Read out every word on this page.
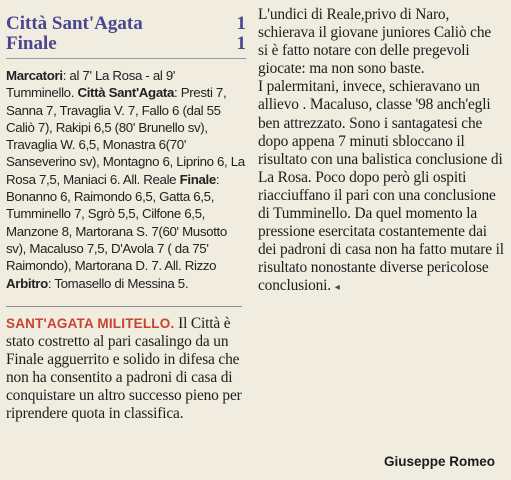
Città Sant'Agata	1
Finale	1
Marcatori: al 7' La Rosa - al 9' Tumminello. Città Sant'Agata: Presti 7, Sanna 7, Travaglia V. 7, Fallo 6 (dal 55 Caliò 7), Rakipi 6,5 (80' Brunello sv), Travaglia W. 6,5, Monastra 6(70' Sanseverino sv), Montagno 6, Liprino 6, La Rosa 7,5, Maniaci 6. All. Reale Finale: Bonanno 6, Raimondo 6,5, Gatta 6,5, Tumminello 7, Sgrò 5,5, Cilfone 6,5, Manzone 8, Martorana S. 7(60' Musotto sv), Macaluso 7,5, D'Avola 7 ( da 75' Raimondo), Martorana D. 7. All. Rizzo Arbitro: Tomasello di Messina 5.
SANT'AGATA MILITELLO. Il Città è stato costretto al pari casalingo da un Finale agguerrito e solido in difesa che non ha consentito a padroni di casa di conquistare un altro successo pieno per riprendere quota in classifica.

L'undici di Reale,privo di Naro, schierava il giovane juniores Caliò che si è fatto notare con delle pregevoli giocate: ma non sono baste.

I palermitani, invece, schieravano un allievo . Macaluso, classe '98 anch'egli ben attrezzato. Sono i santagatesi che dopo appena 7 minuti sbloccano il risultato con una balistica conclusione di La Rosa. Poco dopo però gli ospiti riacciuffano il pari con una conclusione di Tumminello. Da quel momento la pressione esercitata costantemente dai dei padroni di casa non ha fatto mutare il risultato nonostante diverse pericolose conclusioni. ◂

Giuseppe Romeo
